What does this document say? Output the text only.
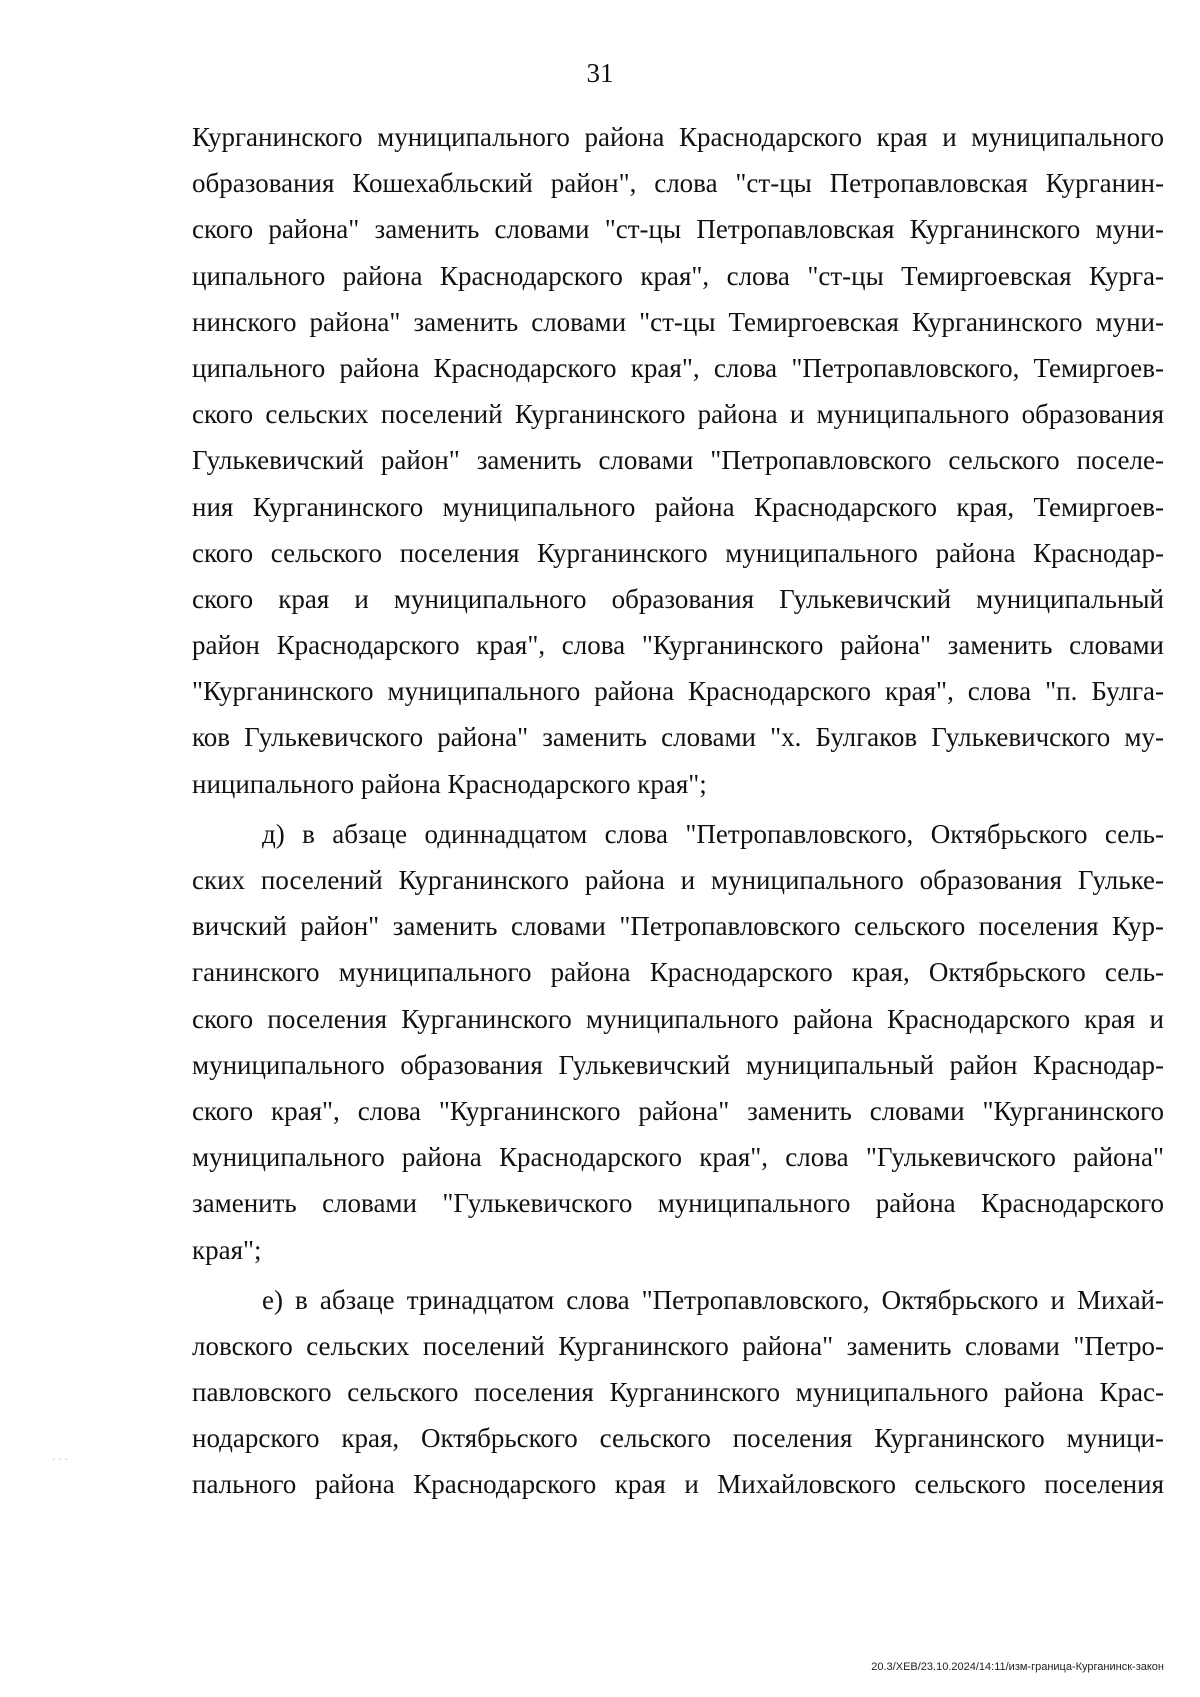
31
Курганинского муниципального района Краснодарского края и муниципального
образования Кошехабльский район", слова "ст-цы Петропавловская Курганин-
ского района" заменить словами "ст-цы Петропавловская Курганинского муни-
ципального района Краснодарского края", слова "ст-цы Темиргоевская Курга-
нинского района" заменить словами "ст-цы Темиргоевская Курганинского муни-
ципального района Краснодарского края", слова "Петропавловского, Темиргоев-
ского сельских поселений Курганинского района и муниципального образования
Гулькевичский район" заменить словами "Петропавловского сельского поселе-
ния Курганинского муниципального района Краснодарского края, Темиргоев-
ского сельского поселения Курганинского муниципального района Краснодар-
ского края и муниципального образования Гулькевичский муниципальный
район Краснодарского края", слова "Курганинского района" заменить словами
"Курганинского муниципального района Краснодарского края", слова "п. Булга-
ков Гулькевичского района" заменить словами "х. Булгаков Гулькевичского му-
ниципального района Краснодарского края";
д) в абзаце одиннадцатом слова "Петропавловского, Октябрьского сель-
ских поселений Курганинского района и муниципального образования Гульке-
вичский район" заменить словами "Петропавловского сельского поселения Кур-
ганинского муниципального района Краснодарского края, Октябрьского сель-
ского поселения Курганинского муниципального района Краснодарского края и
муниципального образования Гулькевичский муниципальный район Краснодар-
ского края", слова "Курганинского района" заменить словами "Курганинского
муниципального района Краснодарского края", слова "Гулькевичского района"
заменить словами "Гулькевичского муниципального района Краснодарского
края";
е) в абзаце тринадцатом слова "Петропавловского, Октябрьского и Михай-
ловского сельских поселений Курганинского района" заменить словами "Петро-
павловского сельского поселения Курганинского муниципального района Крас-
нодарского края, Октябрьского сельского поселения Курганинского муници-
пального района Краснодарского края и Михайловского сельского поселения
· · ·
20.3/ХЕВ/23.10.2024/14:11/изм-граница-Курганинск-закон
